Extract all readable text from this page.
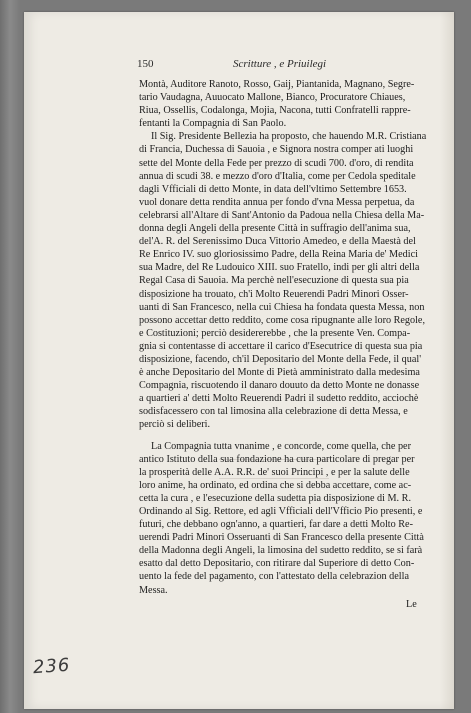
150	Scritture , e Priuilegi
Montà, Auditore Ranoto, Rosso, Gaij, Piantanida, Magnano, Segre-
tario Vaudagna, Auuocato Mallone, Bianco, Procuratore Chiaues,
Riua, Ossellis, Codalonga, Mojia, Nacona, tutti Confratelli rappre-
fentanti la Compagnia di San Paolo.
Il Sig. Presidente Bellezia ha proposto, che hauendo M.R. Cristiana
di Francia, Duchessa di Sauoia , e Signora nostra comper ati luoghi
sette del Monte della Fede per prezzo di scudi 700. d'oro, di rendita
annua di scudi 38. e mezzo d'oro d'Italia, come per Cedola speditale
dagli Vfficiali di detto Monte, in data dell'vltimo Settembre 1653.
vuol donare detta rendita annua per fondo d'vna Messa perpetua, da
celebrarsi all'Altare di Sant'Antonio da Padoua nella Chiesa della Ma-
donna degli Angeli della presente Città in suffragio dell'anima sua,
del'A. R. del Serenissimo Duca Vittorio Amedeo, e della Maestà del
Re Enrico IV. suo gloriosissimo Padre, della Reina Maria de' Medici
sua Madre, del Re Ludouico XIII. suo Fratello, indi per gli altri della
Regal Casa di Sauoia. Ma perchè nell'esecuzione di questa sua pia
disposizione ha trouato, ch'i Molto Reuerendi Padri Minori Osser-
uanti di San Francesco, nella cui Chiesa ha fondata questa Messa, non
possono accettar detto reddito, come cosa ripugnante alle loro Regole,
e Costituzioni; perciò desidererebbe , che la presente Ven. Compa-
gnia si contentasse di accettare il carico d'Esecutrice di questa sua pia
disposizione, facendo, ch'il Depositario del Monte della Fede, il qual'
è anche Depositario del Monte di Pietà amministrato dalla medesima
Compagnia, riscuotendo il danaro douuto da detto Monte ne donasse
a quartieri a' detti Molto Reuerendi Padri il sudetto reddito, acciochè
sodisfacessero con tal limosina alla celebrazione di detta Messa, e
perciò si deliberi.
La Compagnia tutta vnanime , e concorde, come quella, che per
antico Istituto della sua fondazione ha cura particolare di pregar per
la prosperità delle A.A. R.R. de' suoi Principi , e per la salute delle
loro anime, ha ordinato, ed ordina che si debba accettare, come ac-
cetta la cura , e l'esecuzione della sudetta pia disposizione di M. R.
Ordinando al Sig. Rettore, ed agli Vfficiali dell'Vfficio Pio presenti, e
futuri, che debbano ogn'anno, a quartieri, far dare a detti Molto Re-
uerendi Padri Minori Osseruanti di San Francesco della presente Città
della Madonna degli Angeli, la limosina del sudetto reddito, se si farà
esatto dal detto Depositario, con ritirare dal Superiore di detto Con-
uento la fede del pagamento, con l'attestato della celebrazion della
Messa.
Le
236
